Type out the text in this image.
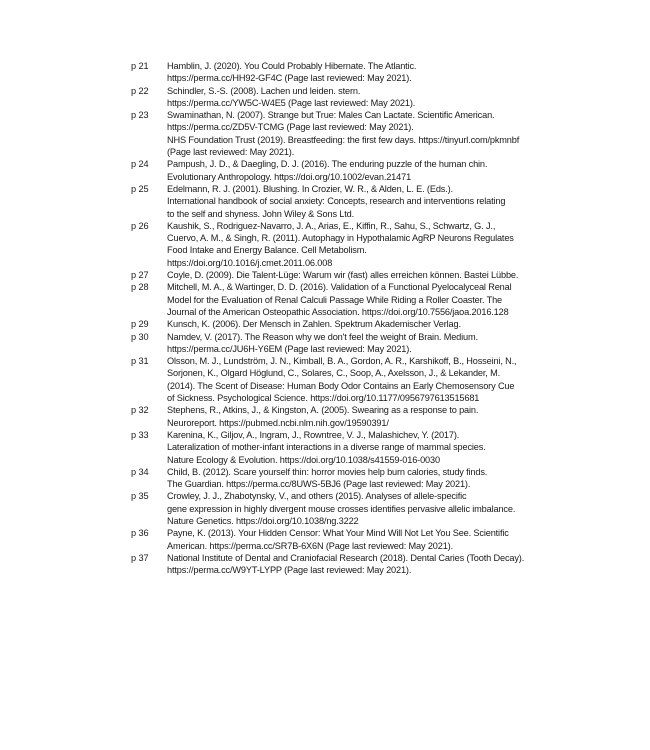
p 21	Hamblin, J. (2020). You Could Probably Hibernate. The Atlantic.
https://perma.cc/HH92-GF4C (Page last reviewed: May 2021).
p 22	Schindler, S.-S. (2008). Lachen und leiden. stern.
https://perma.cc/YW5C-W4E5 (Page last reviewed: May 2021).
p 23	Swaminathan, N. (2007). Strange but True: Males Can Lactate. Scientific American.
https://perma.cc/ZD5V-TCMG (Page last reviewed: May 2021).
NHS Foundation Trust (2019). Breastfeeding: the first few days. https://tinyurl.com/pkmnbf
(Page last reviewed: May 2021).
p 24	Pampush, J. D., & Daegling, D. J. (2016). The enduring puzzle of the human chin.
Evolutionary Anthropology. https://doi.org/10.1002/evan.21471
p 25	Edelmann, R. J. (2001). Blushing. In Crozier, W. R., & Alden, L. E. (Eds.).
International handbook of social anxiety: Concepts, research and interventions relating
to the self and shyness. John Wiley & Sons Ltd.
p 26	Kaushik, S., Rodriguez-Navarro, J. A., Arias, E., Kiffin, R., Sahu, S., Schwartz, G. J.,
Cuervo, A. M., & Singh, R. (2011). Autophagy in Hypothalamic AgRP Neurons Regulates
Food Intake and Energy Balance. Cell Metabolism.
https://doi.org/10.1016/j.cmet.2011.06.008
p 27	Coyle, D. (2009). Die Talent-Lüge: Warum wir (fast) alles erreichen können. Bastei Lübbe.
p 28	Mitchell, M. A., & Wartinger, D. D. (2016). Validation of a Functional Pyelocalyceal Renal
Model for the Evaluation of Renal Calculi Passage While Riding a Roller Coaster. The
Journal of the American Osteopathic Association. https://doi.org/10.7556/jaoa.2016.128
p 29	Kunsch, K. (2006). Der Mensch in Zahlen. Spektrum Akademischer Verlag.
p 30	Namdev, V. (2017). The Reason why we don't feel the weight of Brain. Medium.
https://perma.cc/JU6H-Y6EM (Page last reviewed: May 2021).
p 31	Olsson, M. J., Lundström, J. N., Kimball, B. A., Gordon, A. R., Karshikoff, B., Hosseini, N.,
Sorjonen, K., Olgard Höglund, C., Solares, C., Soop, A., Axelsson, J., & Lekander, M.
(2014). The Scent of Disease: Human Body Odor Contains an Early Chemosensory Cue
of Sickness. Psychological Science. https://doi.org/10.1177/0956797613515681
p 32	Stephens, R., Atkins, J., & Kingston, A. (2005). Swearing as a response to pain.
Neuroreport. https://pubmed.ncbi.nlm.nih.gov/19590391/
p 33	Karenina, K., Giljov, A., Ingram, J., Rowntree, V. J., Malashichev, Y. (2017).
Lateralization of mother-infant interactions in a diverse range of mammal species.
Nature Ecology & Evolution. https://doi.org/10.1038/s41559-016-0030
p 34	Child, B. (2012). Scare yourself thin: horror movies help burn calories, study finds.
The Guardian. https://perma.cc/8UWS-5BJ6 (Page last reviewed: May 2021).
p 35	Crowley, J. J., Zhabotynsky, V., and others (2015). Analyses of allele-specific
gene expression in highly divergent mouse crosses identifies pervasive allelic imbalance.
Nature Genetics. https://doi.org/10.1038/ng.3222
p 36	Payne, K. (2013). Your Hidden Censor: What Your Mind Will Not Let You See. Scientific
American. https://perma.cc/SR7B-6X6N (Page last reviewed: May 2021).
p 37	National Institute of Dental and Craniofacial Research (2018). Dental Caries (Tooth Decay).
https://perma.cc/W9YT-LYPP (Page last reviewed: May 2021).
